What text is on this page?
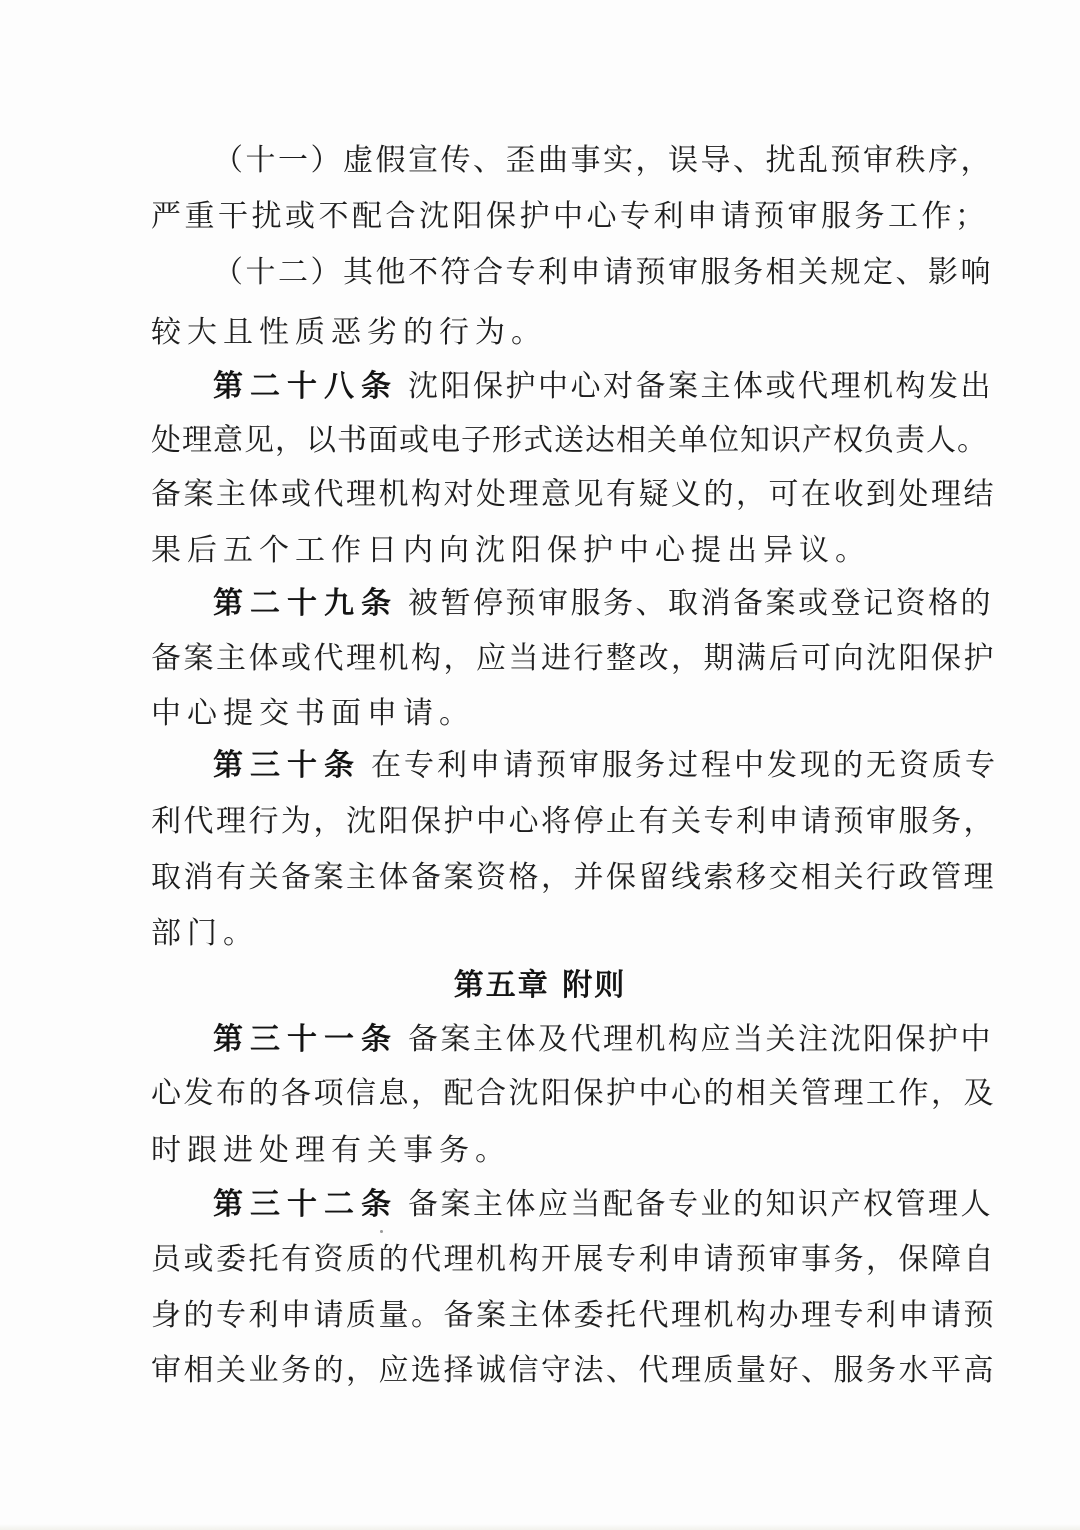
（十一）虚假宣传、歪曲事实，误导、扰乱预审秩序，
严重干扰或不配合沈阳保护中心专利申请预审服务工作；
（十二）其他不符合专利申请预审服务相关规定、影响
较大且性质恶劣的行为。
第二十八条 沈阳保护中心对备案主体或代理机构发出
处理意见，以书面或电子形式送达相关单位知识产权负责人。
备案主体或代理机构对处理意见有疑义的，可在收到处理结
果后五个工作日内向沈阳保护中心提出异议。
第二十九条 被暂停预审服务、取消备案或登记资格的
备案主体或代理机构，应当进行整改，期满后可向沈阳保护
中心提交书面申请。
第三十条 在专利申请预审服务过程中发现的无资质专
利代理行为，沈阳保护中心将停止有关专利申请预审服务，
取消有关备案主体备案资格，并保留线索移交相关行政管理
部门。
第五章 附则
第三十一条 备案主体及代理机构应当关注沈阳保护中
心发布的各项信息，配合沈阳保护中心的相关管理工作，及
时跟进处理有关事务。
第三十二条 备案主体应当配备专业的知识产权管理人
员或委托有资质的代理机构开展专利申请预审事务，保障自
身的专利申请质量。备案主体委托代理机构办理专利申请预
审相关业务的，应选择诚信守法、代理质量好、服务水平高
